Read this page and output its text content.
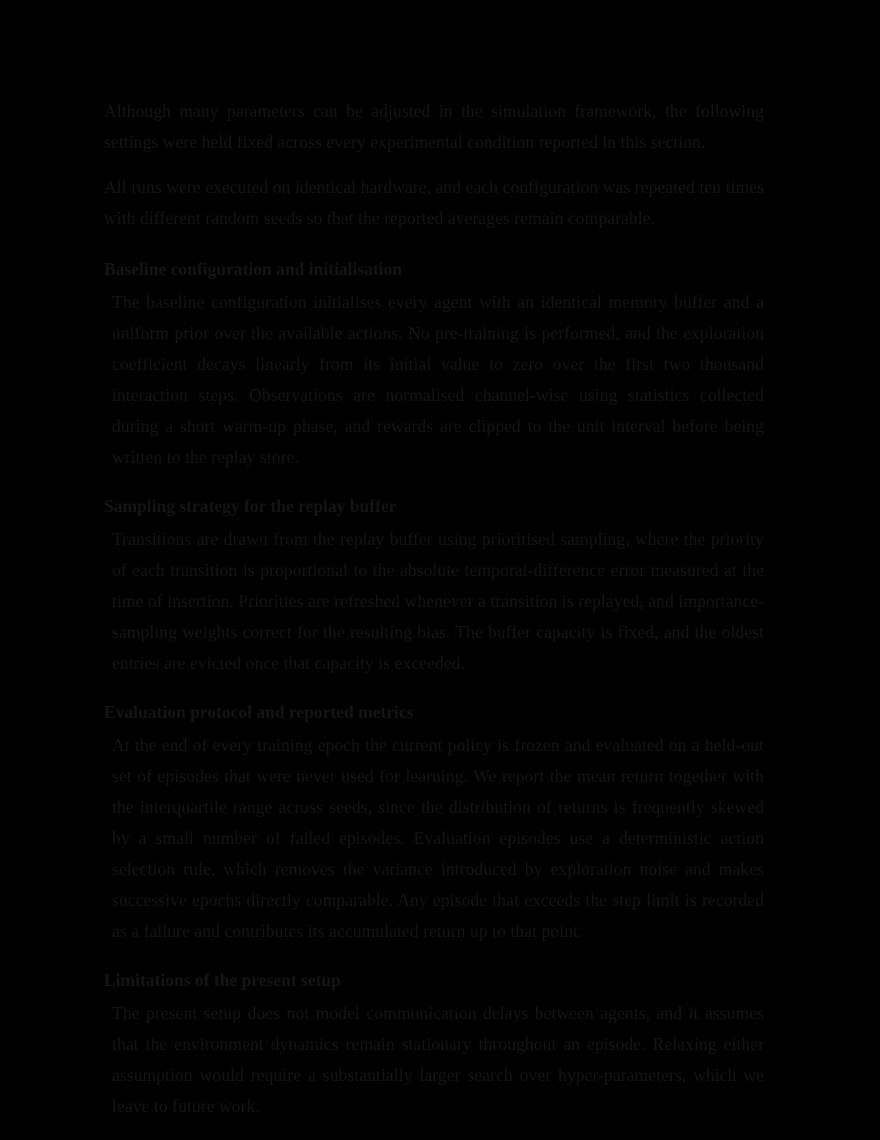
Although many parameters can be adjusted in the simulation framework, the following settings were held fixed across every experimental condition reported in this section.

All runs were executed on identical hardware, and each configuration was repeated ten times with different random seeds so that the reported averages remain comparable.

Baseline configuration and initialisation

The baseline configuration initialises every agent with an identical memory buffer and a uniform prior over the available actions. No pre-training is performed, and the exploration coefficient decays linearly from its initial value to zero over the first two thousand interaction steps. Observations are normalised channel-wise using statistics collected during a short warm-up phase, and rewards are clipped to the unit interval before being written to the replay store.

Sampling strategy for the replay buffer

Transitions are drawn from the replay buffer using prioritised sampling, where the priority of each transition is proportional to the absolute temporal-difference error measured at the time of insertion. Priorities are refreshed whenever a transition is replayed, and importance-sampling weights correct for the resulting bias. The buffer capacity is fixed, and the oldest entries are evicted once that capacity is exceeded.

Evaluation protocol and reported metrics

At the end of every training epoch the current policy is frozen and evaluated on a held-out set of episodes that were never used for learning. We report the mean return together with the interquartile range across seeds, since the distribution of returns is frequently skewed by a small number of failed episodes. Evaluation episodes use a deterministic action selection rule, which removes the variance introduced by exploration noise and makes successive epochs directly comparable. Any episode that exceeds the step limit is recorded as a failure and contributes its accumulated return up to that point.

Limitations of the present setup

The present setup does not model communication delays between agents, and it assumes that the environment dynamics remain stationary throughout an episode. Relaxing either assumption would require a substantially larger search over hyper-parameters, which we leave to future work.
